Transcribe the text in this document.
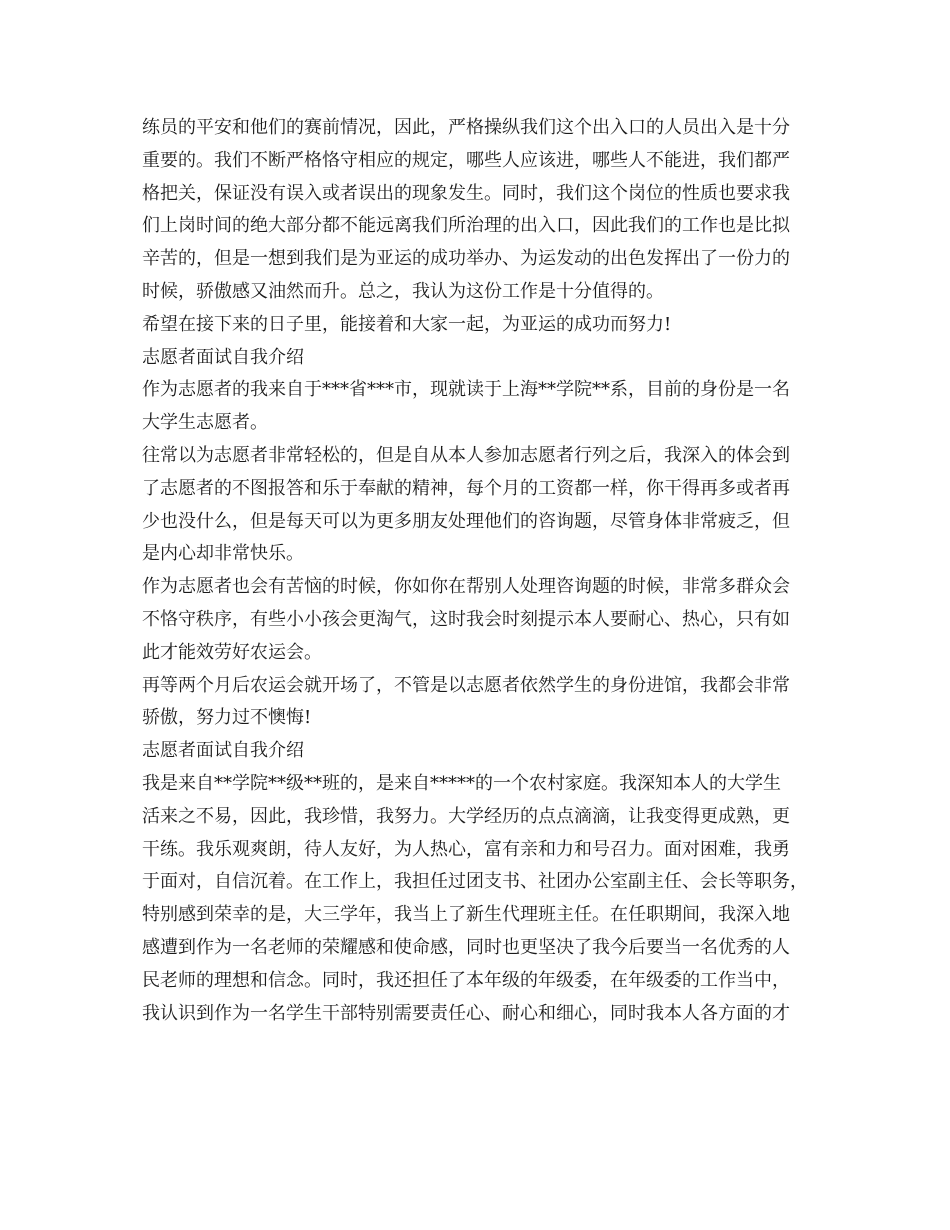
练员的平安和他们的赛前情况，因此，严格操纵我们这个出入口的人员出入是十分
重要的。我们不断严格恪守相应的规定，哪些人应该进，哪些人不能进，我们都严
格把关，保证没有误入或者误出的现象发生。同时，我们这个岗位的性质也要求我
们上岗时间的绝大部分都不能远离我们所治理的出入口，因此我们的工作也是比拟
辛苦的，但是一想到我们是为亚运的成功举办、为运发动的出色发挥出了一份力的
时候，骄傲感又油然而升。总之，我认为这份工作是十分值得的。
希望在接下来的日子里，能接着和大家一起，为亚运的成功而努力!
志愿者面试自我介绍
作为志愿者的我来自于***省***市，现就读于上海**学院**系，目前的身份是一名
大学生志愿者。
往常以为志愿者非常轻松的，但是自从本人参加志愿者行列之后，我深入的体会到
了志愿者的不图报答和乐于奉献的精神，每个月的工资都一样，你干得再多或者再
少也没什么，但是每天可以为更多朋友处理他们的咨询题，尽管身体非常疲乏，但
是内心却非常快乐。
作为志愿者也会有苦恼的时候，你如你在帮别人处理咨询题的时候，非常多群众会
不恪守秩序，有些小小孩会更淘气，这时我会时刻提示本人要耐心、热心，只有如
此才能效劳好农运会。
再等两个月后农运会就开场了，不管是以志愿者依然学生的身份进馆，我都会非常
骄傲，努力过不懊悔!
志愿者面试自我介绍
我是来自**学院**级**班的，是来自*****的一个农村家庭。我深知本人的大学生
活来之不易，因此，我珍惜，我努力。大学经历的点点滴滴，让我变得更成熟，更
干练。我乐观爽朗，待人友好，为人热心，富有亲和力和号召力。面对困难，我勇
于面对，自信沉着。在工作上，我担任过团支书、社团办公室副主任、会长等职务，
特别感到荣幸的是，大三学年，我当上了新生代理班主任。在任职期间，我深入地
感遭到作为一名老师的荣耀感和使命感，同时也更坚决了我今后要当一名优秀的人
民老师的理想和信念。同时，我还担任了本年级的年级委，在年级委的工作当中，
我认识到作为一名学生干部特别需要责任心、耐心和细心，同时我本人各方面的才
